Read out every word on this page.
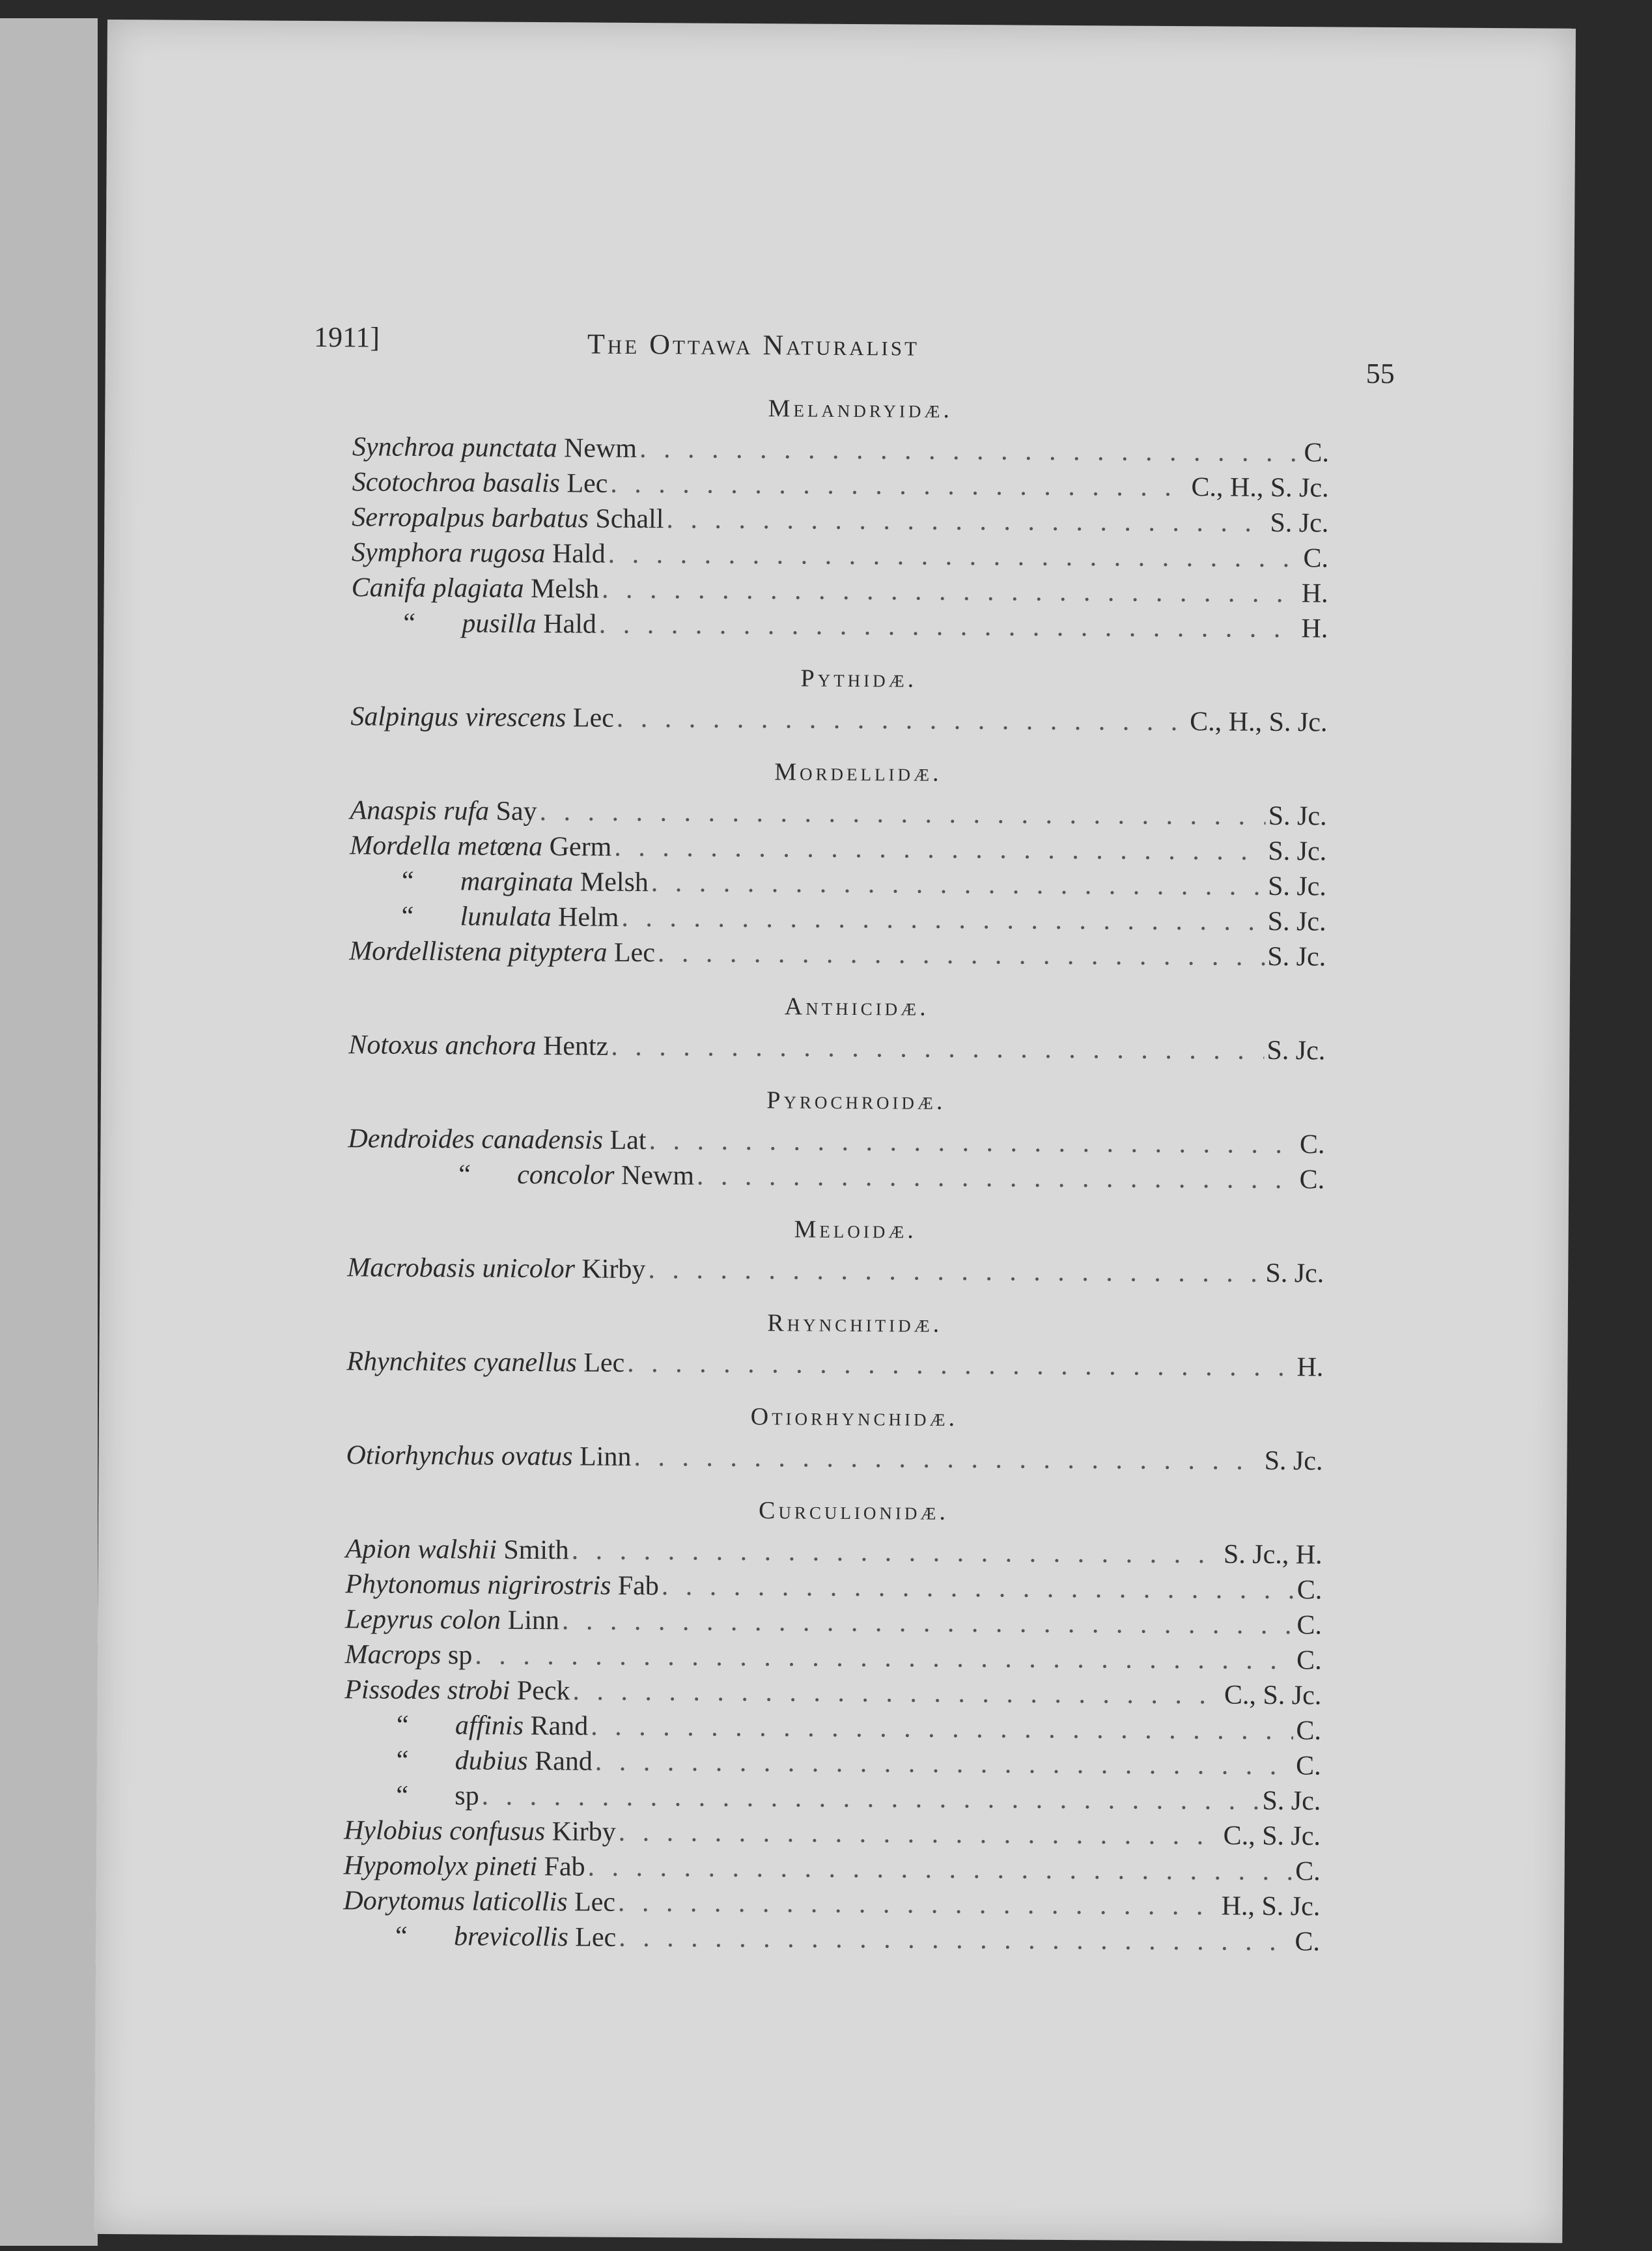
1911]	The Ottawa Naturalist
55
Melandryidæ.
Synchroa punctata Newm . . .	C.
Scotochroa basalis Lec . . .	C., H., S. Jc.
Serropalpus barbatus Schall . . .	S. Jc.
Symphora rugosa Hald . . .	C.
Canifa plagiata Melsh . . .	H.
“ pusilla Hald . . .	H.
Pythidæ.
Salpingus virescens Lec . . .	C., H., S. Jc.
Mordellidæ.
Anaspis rufa Say . . .	S. Jc.
Mordella metœna Germ . . .	S. Jc.
“ marginata Melsh . . .	S. Jc.
“ lunulata Helm . . .	S. Jc.
Mordellistena pityptera Lec . . .	S. Jc.
Anthicidæ.
Notoxus anchora Hentz . . .	S. Jc.
Pyrochroidæ.
Dendroides canadensis Lat . . .	C.
“ concolor Newm . . .	C.
Meloidæ.
Macrobasis unicolor Kirby . . .	S. Jc.
Rhynchitidæ.
Rhynchites cyanellus Lec . . .	H.
Otiorhynchidæ.
Otiorhynchus ovatus Linn . . .	S. Jc.
Curculionidæ.
Apion walshii Smith . . .	S. Jc., H.
Phytonomus nigrirostris Fab . . .	C.
Lepyrus colon Linn . . .	C.
Macrops sp . . .	C.
Pissodes strobi Peck . . .	C., S. Jc.
“ affinis Rand . . .	C.
“ dubius Rand . . .	C.
“ sp . . .	S. Jc.
Hylobius confusus Kirby . . .	C., S. Jc.
Hypomolyx pineti Fab . . .	C.
Dorytomus laticollis Lec . . .	H., S. Jc.
“ brevicollis Lec . . .	C.
